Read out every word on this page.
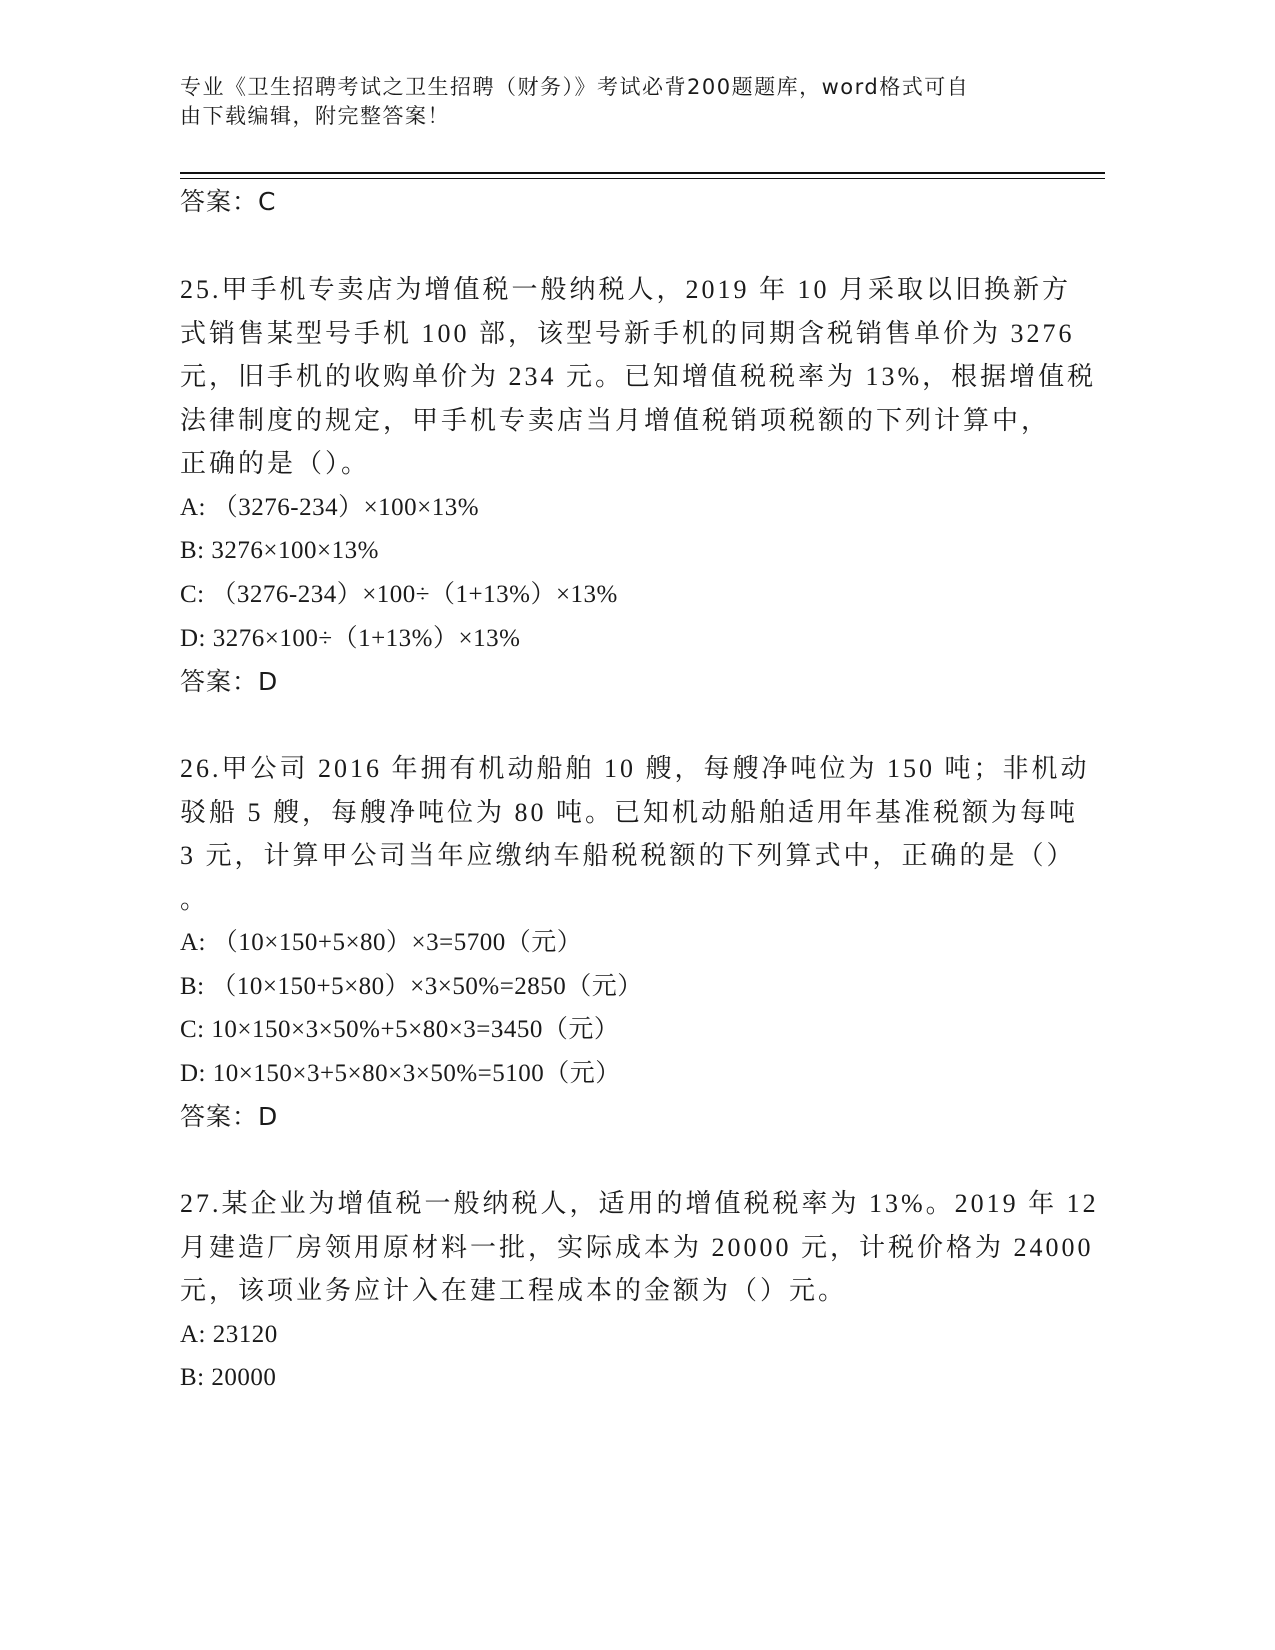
专业《卫生招聘考试之卫生招聘（财务）》考试必背200题题库，word格式可自
由下载编辑，附完整答案！

答案：C
25.甲手机专卖店为增值税一般纳税人，2019 年 10 月采取以旧换新方
式销售某型号手机 100 部，该型号新手机的同期含税销售单价为 3276
元，旧手机的收购单价为 234 元。已知增值税税率为 13%，根据增值税
法律制度的规定，甲手机专卖店当月增值税销项税额的下列计算中，
正确的是（）。
A: （3276-234）×100×13%
B: 3276×100×13%
C: （3276-234）×100÷（1+13%）×13%
D: 3276×100÷（1+13%）×13%
答案：D
26.甲公司 2016 年拥有机动船舶 10 艘，每艘净吨位为 150 吨；非机动
驳船 5 艘，每艘净吨位为 80 吨。已知机动船舶适用年基准税额为每吨
3 元，计算甲公司当年应缴纳车船税税额的下列算式中，正确的是（）
。
A: （10×150+5×80）×3=5700（元）
B: （10×150+5×80）×3×50%=2850（元）
C: 10×150×3×50%+5×80×3=3450（元）
D: 10×150×3+5×80×3×50%=5100（元）
答案：D
27.某企业为增值税一般纳税人，适用的增值税税率为 13%。2019 年 12
月建造厂房领用原材料一批，实际成本为 20000 元，计税价格为 24000
元，该项业务应计入在建工程成本的金额为（）元。
A: 23120
B: 20000
